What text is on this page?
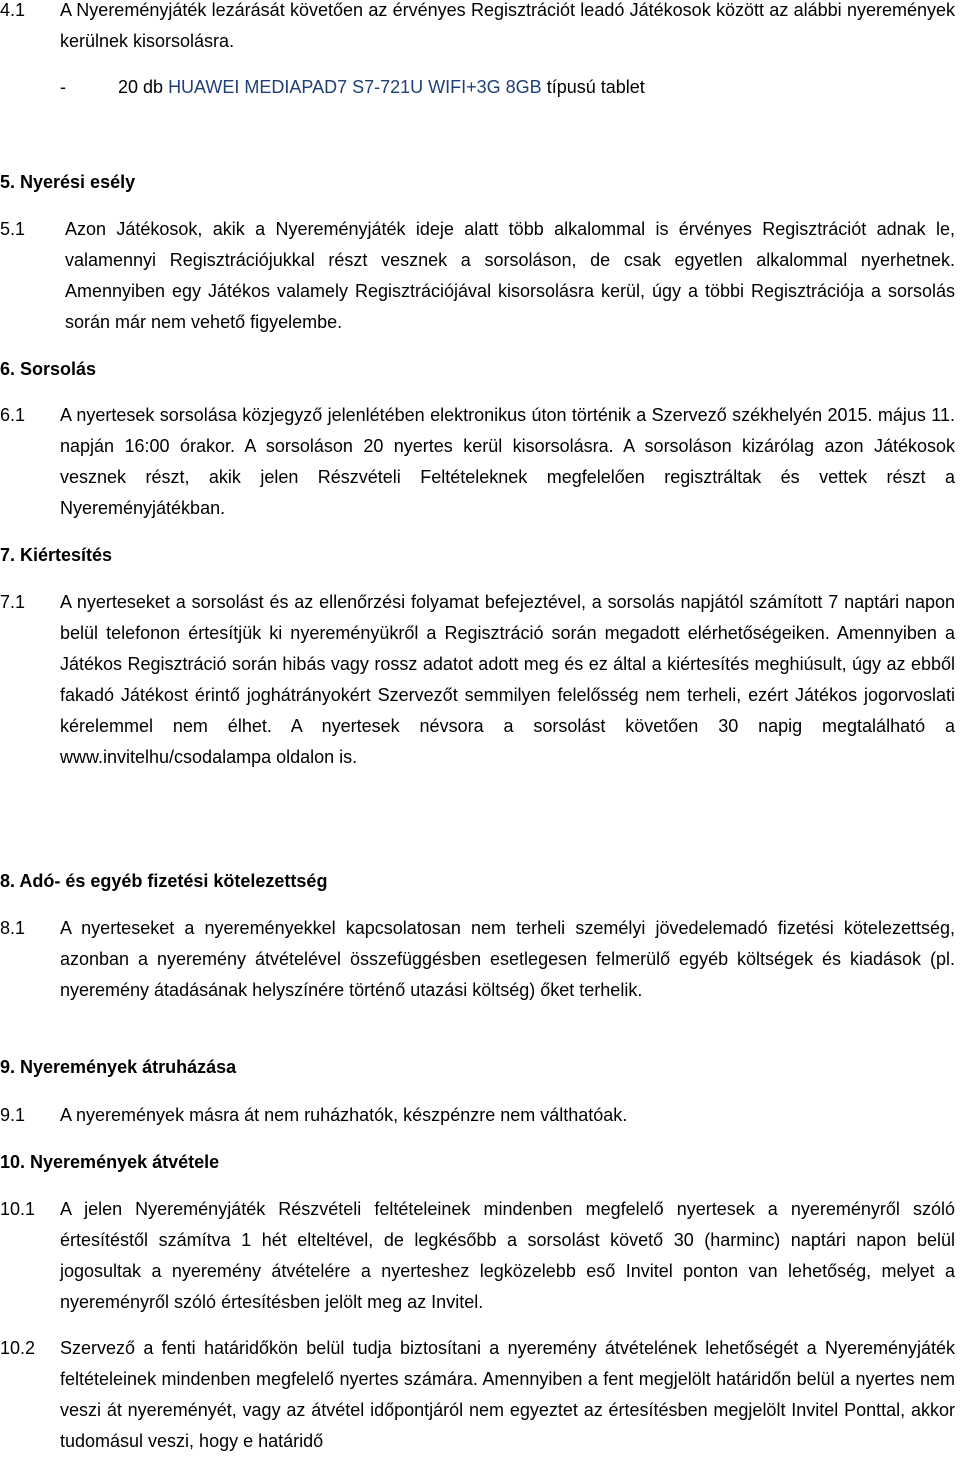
4.1 A Nyereményjáték lezárását követően az érvényes Regisztrációt leadó Játékosok között az alábbi nyeremények kerülnek kisorsolásra.
-	20 db HUAWEI MEDIAPAD7 S7-721U WIFI+3G 8GB típusú tablet
5. Nyerési esély
5.1 Azon Játékosok, akik a Nyereményjáték ideje alatt több alkalommal is érvényes Regisztrációt adnak le, valamennyi Regisztrációjukkal részt vesznek a sorsoláson, de csak egyetlen alkalommal nyerhetnek. Amennyiben egy Játékos valamely Regisztrációjával kisorsolásra kerül, úgy a többi Regisztrációja a sorsolás során már nem vehető figyelembe.
6. Sorsolás
6.1 A nyertesek sorsolása közjegyző jelenlétében elektronikus úton történik a Szervező székhelyén 2015. május 11. napján 16:00 órakor. A sorsoláson 20 nyertes kerül kisorsolásra. A sorsoláson kizárólag azon Játékosok vesznek részt, akik jelen Részvételi Feltételeknek megfelelően regisztráltak és vettek részt a Nyereményjátékban.
7. Kiértesítés
7.1 A nyerteseket a sorsolást és az ellenőrzési folyamat befejeztével, a sorsolás napjától számított 7 naptári napon belül telefonon értesítjük ki nyereményükről a Regisztráció során megadott elérhetőségeiken. Amennyiben a Játékos Regisztráció során hibás vagy rossz adatot adott meg és ez által a kiértesítés meghiúsult, úgy az ebből fakadó Játékost érintő joghátrányokért Szervezőt semmilyen felelősség nem terheli, ezért Játékos jogorvoslati kérelemmel nem élhet. A nyertesek névsora a sorsolást követően 30 napig megtalálható a www.invitelhu/csodalampa oldalon is.
8. Adó- és egyéb fizetési kötelezettség
8.1 A nyerteseket a nyereményekkel kapcsolatosan nem terheli személyi jövedelemadó fizetési kötelezettség, azonban a nyeremény átvételével összefüggésben esetlegesen felmerülő egyéb költségek és kiadások (pl. nyeremény átadásának helyszínére történő utazási költség) őket terhelik.
9. Nyeremények átruházása
9.1 A nyeremények másra át nem ruházhatók, készpénzre nem válthatóak.
10. Nyeremények átvétele
10.1 A jelen Nyereményjáték Részvételi feltételeinek mindenben megfelelő nyertesek a nyereményről szóló értesítéstől számítva 1 hét elteltével, de legkésőbb a sorsolást követő 30 (harminc) naptári napon belül jogosultak a nyeremény átvételére a nyerteshez legközelebb eső Invitel ponton van lehetőség, melyet a nyereményről szóló értesítésben jelölt meg az Invitel.
10.2 Szervező a fenti határidőkön belül tudja biztosítani a nyeremény átvételének lehetőségét a Nyereményjáték feltételeinek mindenben megfelelő nyertes számára. Amennyiben a fent megjelölt határidőn belül a nyertes nem veszi át nyereményét, vagy az átvétel időpontjáról nem egyeztet az értesítésben megjelölt Invitel Ponttal, akkor tudomásul veszi, hogy e határidő
